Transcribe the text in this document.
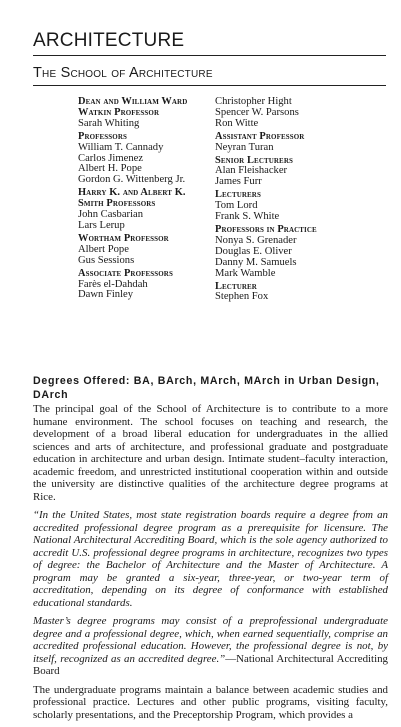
ARCHITECTURE
The School of Architecture
Dean and William Ward Watkin Professor
Sarah Whiting
Professors
William T. Cannady
Carlos Jimenez
Albert H. Pope
Gordon G. Wittenberg Jr.
Harry K. and Albert K. Smith Professors
John Casbarian
Lars Lerup
Wortham Professor
Albert Pope
Gus Sessions
Associate Professors
Farès el-Dahdah
Dawn Finley
Christopher Hight
Spencer W. Parsons
Ron Witte
Assistant Professor
Neyran Turan
Senior Lecturers
Alan Fleishacker
James Furr
Lecturers
Tom Lord
Frank S. White
Professors in Practice
Nonya S. Grenader
Douglas E. Oliver
Danny M. Samuels
Mark Wamble
Lecturer
Stephen Fox
Degrees Offered: BA, BArch, MArch, MArch in Urban Design, DArch

The principal goal of the School of Architecture is to contribute to a more humane environment. The school focuses on teaching and research, the development of a broad liberal education for undergraduates in the allied sciences and arts of architecture, and professional graduate and postgraduate education in architecture and urban design. Intimate student–faculty interaction, academic freedom, and unrestricted institutional cooperation within and outside the university are distinctive qualities of the architecture degree programs at Rice.

“In the United States, most state registration boards require a degree from an accredited professional degree program as a prerequisite for licensure. The National Architectural Accrediting Board, which is the sole agency authorized to accredit U.S. professional degree programs in architecture, recognizes two types of degree: the Bachelor of Architecture and the Master of Architecture. A program may be granted a six-year, three-year, or two-year term of accreditation, depending on its degree of conformance with established educational standards.

Master’s degree programs may consist of a preprofessional undergraduate degree and a professional degree, which, when earned sequentially, comprise an accredited professional education. However, the professional degree is not, by itself, recognized as an accredited degree.”—National Architectural Accrediting Board

The undergraduate programs maintain a balance between academic studies and professional practice. Lectures and other public programs, visiting faculty, scholarly presentations, and the Preceptorship Program, which provides a
